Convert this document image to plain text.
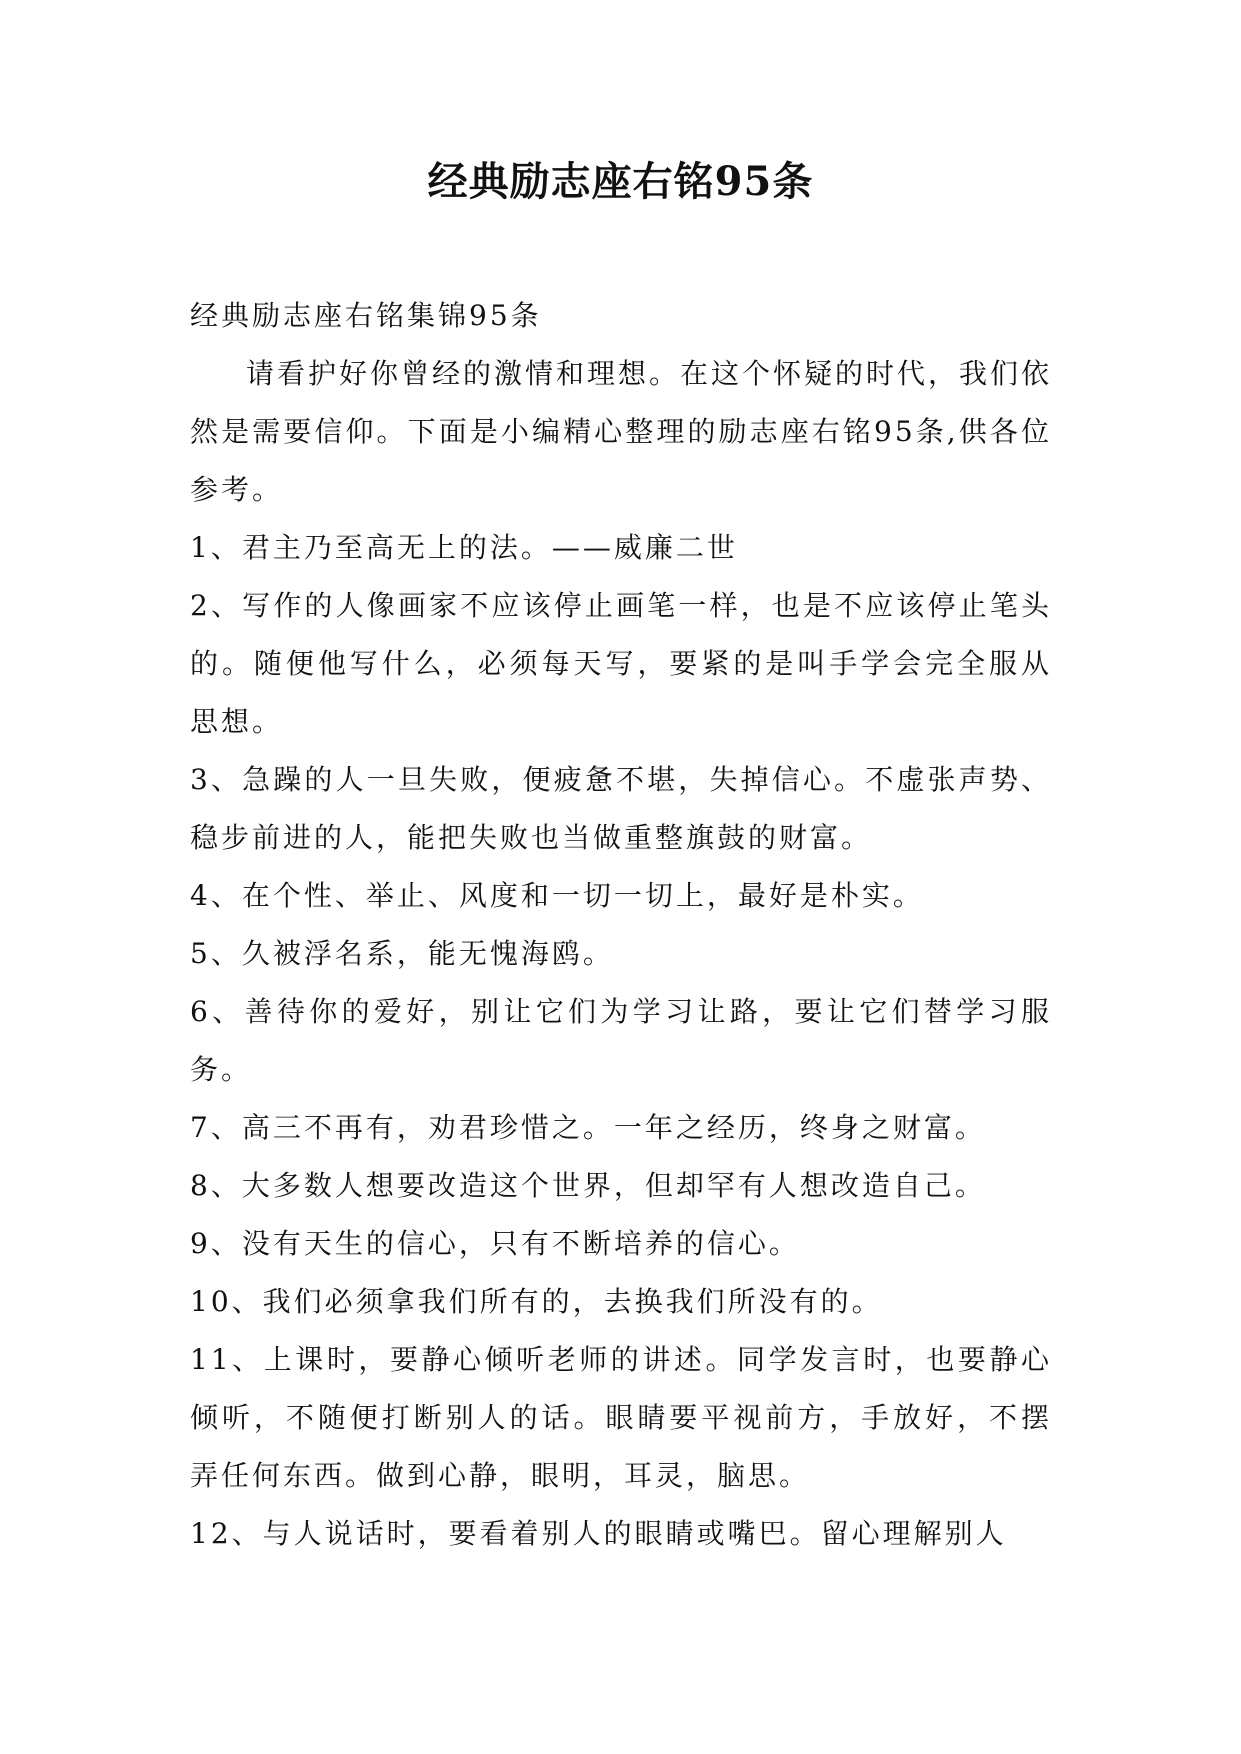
经典励志座右铭95条

经典励志座右铭集锦95条

请看护好你曾经的激情和理想。在这个怀疑的时代，我们依然是需要信仰。下面是小编精心整理的励志座右铭95条,供各位参考。

1、君主乃至高无上的法。——威廉二世

2、写作的人像画家不应该停止画笔一样，也是不应该停止笔头的。随便他写什么，必须每天写，要紧的是叫手学会完全服从思想。

3、急躁的人一旦失败，便疲惫不堪，失掉信心。不虚张声势、稳步前进的人，能把失败也当做重整旗鼓的财富。

4、在个性、举止、风度和一切一切上，最好是朴实。

5、久被浮名系，能无愧海鸥。

6、善待你的爱好，别让它们为学习让路，要让它们替学习服务。

7、高三不再有，劝君珍惜之。一年之经历，终身之财富。

8、大多数人想要改造这个世界，但却罕有人想改造自己。

9、没有天生的信心，只有不断培养的信心。

10、我们必须拿我们所有的，去换我们所没有的。

11、上课时，要静心倾听老师的讲述。同学发言时，也要静心倾听，不随便打断别人的话。眼睛要平视前方，手放好，不摆弄任何东西。做到心静，眼明，耳灵，脑思。

12、与人说话时，要看着别人的眼睛或嘴巴。留心理解别人
